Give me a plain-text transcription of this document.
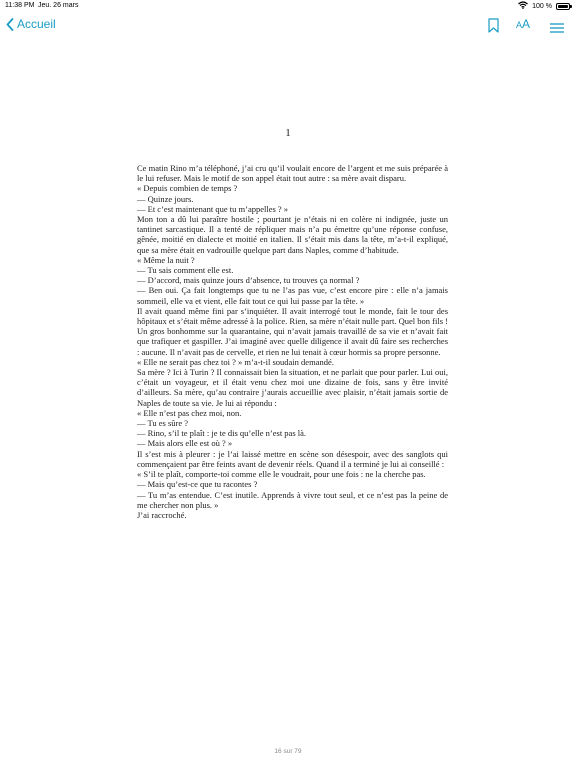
11:38 PM Jeu. 26 mars	100 %
Accueil	AA
1

Ce matin Rino m’a téléphoné, j’ai cru qu’il voulait encore de l’argent et me suis préparée à le lui refuser. Mais le motif de son appel était tout autre : sa mère avait disparu.

« Depuis combien de temps ?

— Quinze jours.

— Et c’est maintenant que tu m’appelles ? »

Mon ton a dû lui paraître hostile ; pourtant je n’étais ni en colère ni indignée, juste un tantinet sarcastique. Il a tenté de répliquer mais n’a pu émettre qu’une réponse confuse, gênée, moitié en dialecte et moitié en italien. Il s’était mis dans la tête, m’a-t-il expliqué, que sa mère était en vadrouille quelque part dans Naples, comme d’habitude.

« Même la nuit ?

— Tu sais comment elle est.

— D’accord, mais quinze jours d’absence, tu trouves ça normal ?

— Ben oui. Ça fait longtemps que tu ne l’as pas vue, c’est encore pire : elle n’a jamais sommeil, elle va et vient, elle fait tout ce qui lui passe par la tête. »

Il avait quand même fini par s’inquiéter. Il avait interrogé tout le monde, fait le tour des hôpitaux et s’était même adressé à la police. Rien, sa mère n’était nulle part. Quel bon fils ! Un gros bonhomme sur la quarantaine, qui n’avait jamais travaillé de sa vie et n’avait fait que trafiquer et gaspiller. J’ai imaginé avec quelle diligence il avait dû faire ses recherches : aucune. Il n’avait pas de cervelle, et rien ne lui tenait à cœur hormis sa propre personne.

« Elle ne serait pas chez toi ? » m’a-t-il soudain demandé.

Sa mère ? Ici à Turin ? Il connaissait bien la situation, et ne parlait que pour parler. Lui oui, c’était un voyageur, et il était venu chez moi une dizaine de fois, sans y être invité d’ailleurs. Sa mère, qu’au contraire j’aurais accueillie avec plaisir, n’était jamais sortie de Naples de toute sa vie. Je lui ai répondu :

« Elle n’est pas chez moi, non.

— Tu es sûre ?

— Rino, s’il te plaît : je te dis qu’elle n’est pas là.

— Mais alors elle est où ? »

Il s’est mis à pleurer : je l’ai laissé mettre en scène son désespoir, avec des sanglots qui commençaient par être feints avant de devenir réels. Quand il a terminé je lui ai conseillé :

« S’il te plaît, comporte-toi comme elle le voudrait, pour une fois : ne la cherche pas.

— Mais qu’est-ce que tu racontes ?

— Tu m’as entendue. C’est inutile. Apprends à vivre tout seul, et ce n’est pas la peine de me chercher non plus. »

J’ai raccroché.

16 sur 79
